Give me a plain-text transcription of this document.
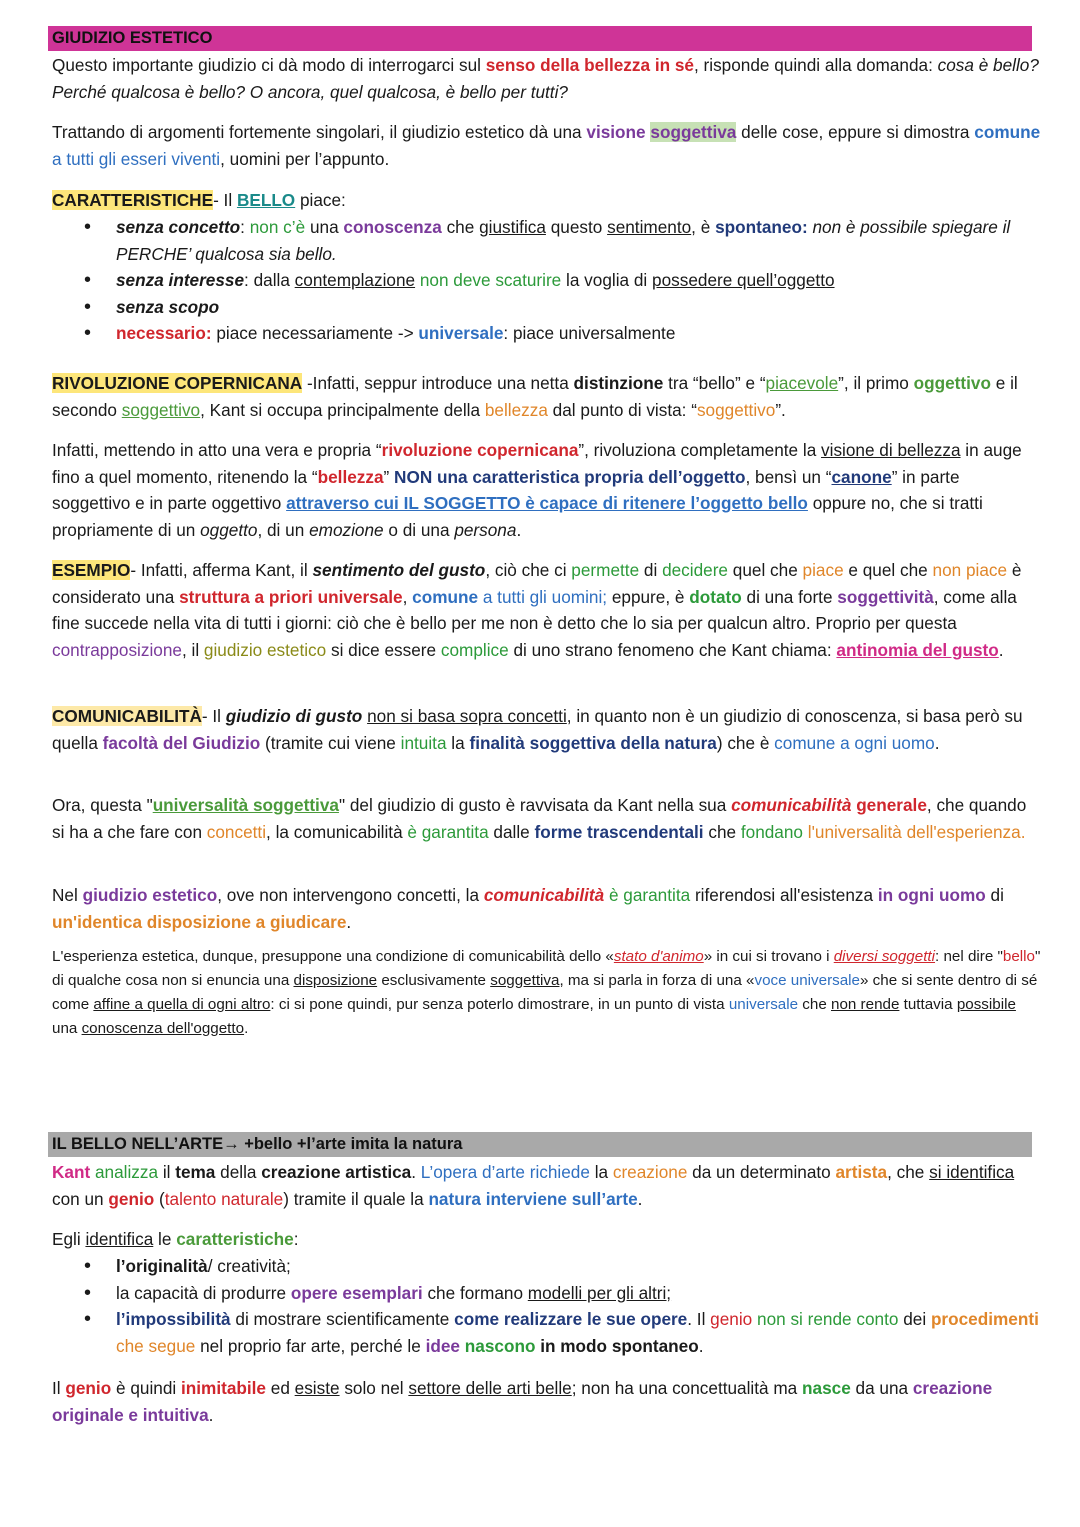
GIUDIZIO ESTETICO
Questo importante giudizio ci dà modo di interrogarci sul senso della bellezza in sé, risponde quindi alla domanda: cosa è bello? Perché qualcosa è bello? O ancora, quel qualcosa, è bello per tutti?
Trattando di argomenti fortemente singolari, il giudizio estetico dà una visione soggettiva delle cose, eppure si dimostra comune a tutti gli esseri viventi, uomini per l’appunto.
CARATTERISTICHE- Il BELLO piace:
• senza concetto: non c’è una conoscenza che giustifica questo sentimento, è spontaneo: non è possibile spiegare il PERCHE’ qualcosa sia bello.
• senza interesse: dalla contemplazione non deve scaturire la voglia di possedere quell’oggetto
• senza scopo
• necessario: piace necessariamente -> universale: piace universalmente
RIVOLUZIONE COPERNICANA -Infatti, seppur introduce una netta distinzione tra “bello” e “piacevole”, il primo oggettivo e il secondo soggettivo, Kant si occupa principalmente della bellezza dal punto di vista: “soggettivo”.
Infatti, mettendo in atto una vera e propria “rivoluzione copernicana”, rivoluziona completamente la visione di bellezza in auge fino a quel momento, ritenendo la “bellezza” NON una caratteristica propria dell’oggetto, bensì un “canone” in parte soggettivo e in parte oggettivo attraverso cui IL SOGGETTO è capace di ritenere l’oggetto bello oppure no, che si tratti propriamente di un oggetto, di un emozione o di una persona.
ESEMPIO- Infatti, afferma Kant, il sentimento del gusto, ciò che ci permette di decidere quel che piace e quel che non piace è considerato una struttura a priori universale, comune a tutti gli uomini; eppure, è dotato di una forte soggettività, come alla fine succede nella vita di tutti i giorni: ciò che è bello per me non è detto che lo sia per qualcun altro. Proprio per questa contrapposizione, il giudizio estetico si dice essere complice di uno strano fenomeno che Kant chiama: antinomia del gusto.
COMUNICABILITÀ- Il giudizio di gusto non si basa sopra concetti, in quanto non è un giudizio di conoscenza, si basa però su quella facoltà del Giudizio (tramite cui viene intuita la finalità soggettiva della natura) che è comune a ogni uomo.
Ora, questa "universalità soggettiva" del giudizio di gusto è ravvisata da Kant nella sua comunicabilità generale, che quando si ha a che fare con concetti, la comunicabilità è garantita dalle forme trascendentali che fondano l'universalità dell'esperienza.
Nel giudizio estetico, ove non intervengono concetti, la comunicabilità è garantita riferendosi all'esistenza in ogni uomo di un'identica disposizione a giudicare.
L'esperienza estetica, dunque, presuppone una condizione di comunicabilità dello «stato d'animo» in cui si trovano i diversi soggetti: nel dire "bello" di qualche cosa non si enuncia una disposizione esclusivamente soggettiva, ma si parla in forza di una «voce universale» che si sente dentro di sé come affine a quella di ogni altro: ci si pone quindi, pur senza poterlo dimostrare, in un punto di vista universale che non rende tuttavia possibile una conoscenza dell'oggetto.
IL BELLO NELL’ARTE→ +bello +l’arte imita la natura
Kant analizza il tema della creazione artistica. L’opera d’arte richiede la creazione da un determinato artista, che si identifica con un genio (talento naturale) tramite il quale la natura interviene sull’arte.
Egli identifica le caratteristiche:
• l’originalità/ creatività;
• la capacità di produrre opere esemplari che formano modelli per gli altri;
• l’impossibilità di mostrare scientificamente come realizzare le sue opere. Il genio non si rende conto dei procedimenti che segue nel proprio far arte, perché le idee nascono in modo spontaneo.
Il genio è quindi inimitabile ed esiste solo nel settore delle arti belle; non ha una concettualità ma nasce da una creazione originale e intuitiva.
